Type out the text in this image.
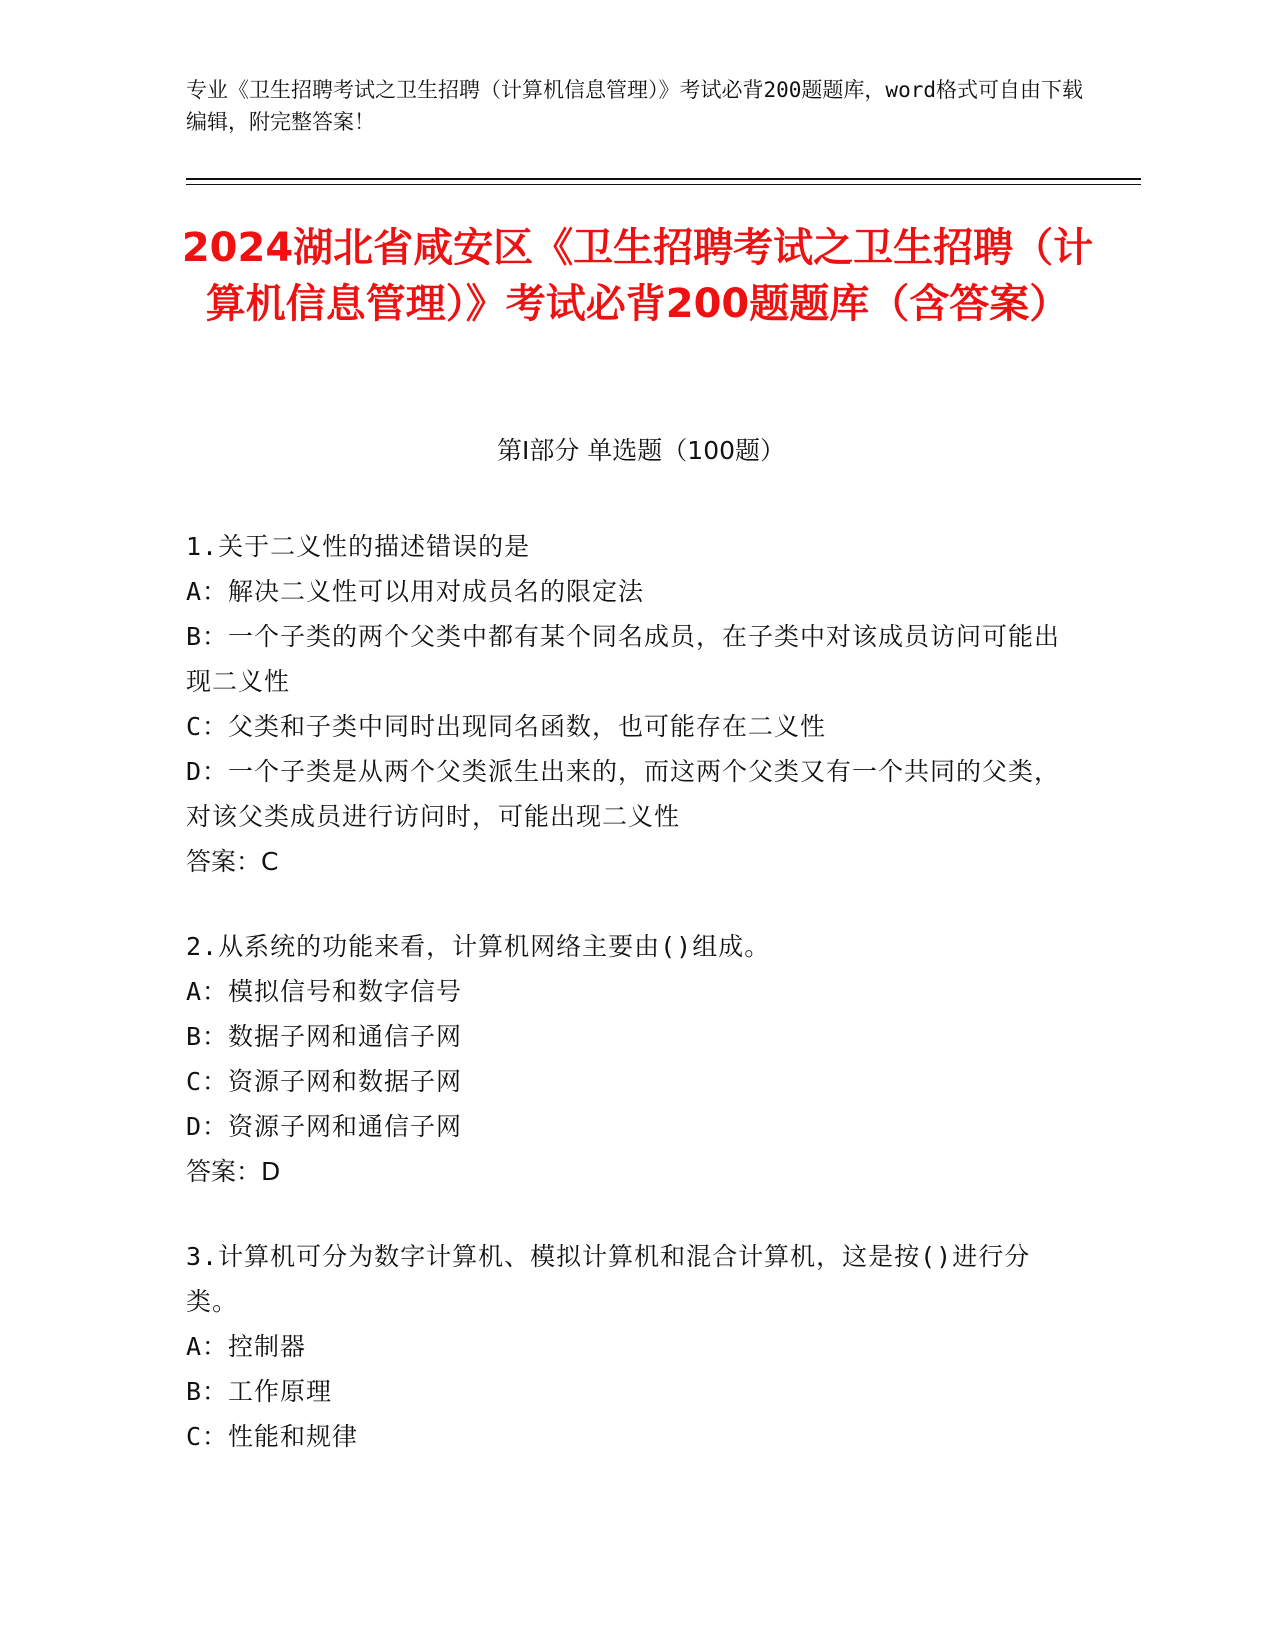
专业《卫生招聘考试之卫生招聘（计算机信息管理）》考试必背200题题库，word格式可自由下载编辑，附完整答案！
2024湖北省咸安区《卫生招聘考试之卫生招聘（计算机信息管理）》考试必背200题题库（含答案）
第I部分 单选题（100题）
1.关于二义性的描述错误的是
A：解决二义性可以用对成员名的限定法
B：一个子类的两个父类中都有某个同名成员，在子类中对该成员访问可能出现二义性
C：父类和子类中同时出现同名函数，也可能存在二义性
D：一个子类是从两个父类派生出来的，而这两个父类又有一个共同的父类，对该父类成员进行访问时，可能出现二义性
答案：C
2.从系统的功能来看，计算机网络主要由()组成。
A：模拟信号和数字信号
B：数据子网和通信子网
C：资源子网和数据子网
D：资源子网和通信子网
答案：D
3.计算机可分为数字计算机、模拟计算机和混合计算机，这是按()进行分类。
A：控制器
B：工作原理
C：性能和规律
